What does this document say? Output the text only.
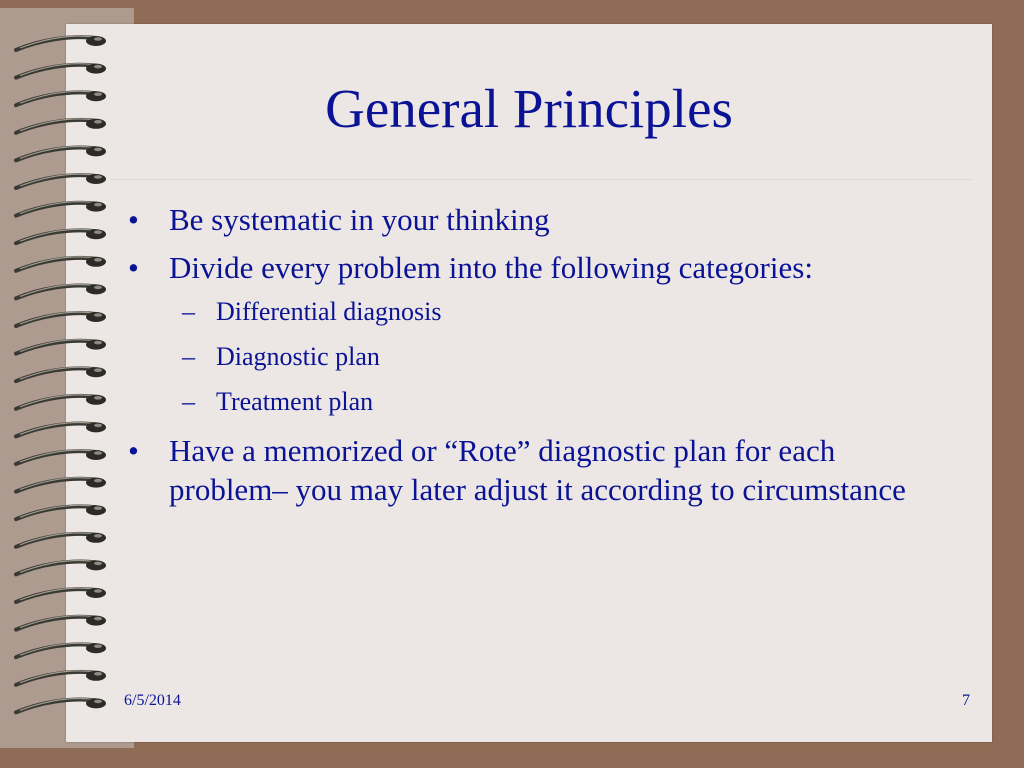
General Principles
• Be systematic in your thinking
• Divide every problem into the following categories:
– Differential diagnosis
– Diagnostic plan
– Treatment plan
• Have a memorized or “Rote” diagnostic plan for each problem– you may later adjust it according to circumstance
6/5/2014	7
